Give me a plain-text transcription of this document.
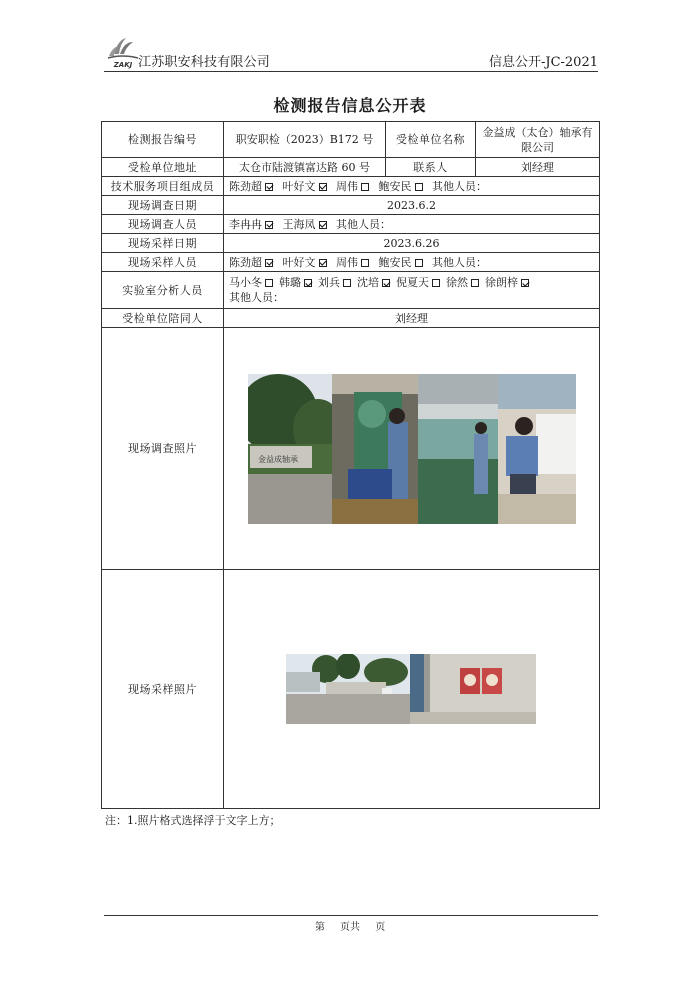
ZAKJ 江苏职安科技有限公司	信息公开-JC-2021
检测报告信息公开表
检测报告编号	职安职检（2023）B172 号	受检单位名称	金益成（太仓）轴承有限公司
受检单位地址	太仓市陆渡镇富达路 60 号	联系人	刘经理
技术服务项目组成员	陈劲超 叶好文 周伟 鲍安民 其他人员：		
现场调查日期	2023.6.2		
现场调查人员	李冉冉 王海凤 其他人员：		
现场采样日期	2023.6.26		
现场采样人员	陈劲超 叶好文 周伟 鲍安民 其他人员：		
实验室分析人员	马小冬 韩璐 刘兵 沈培 倪夏天 徐然 徐朗梓
其他人员：		
受检单位陪同人	刘经理		
现场调查照片	金益成轴承		

现场采样照片	
注：1.照片格式选择浮于文字上方；
第 页共 页
